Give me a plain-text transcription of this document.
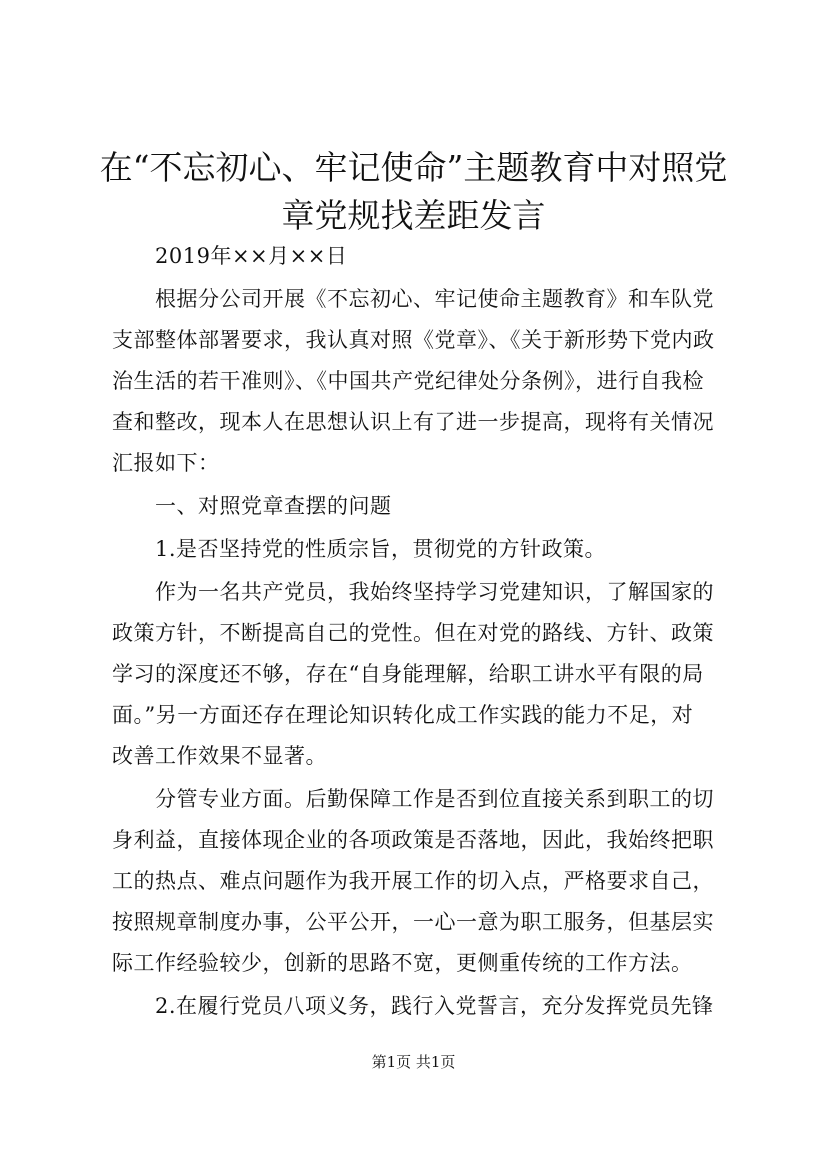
在“不忘初心、牢记使命”主题教育中对照党
章党规找差距发言

2019年××月××日

根据分公司开展《不忘初心、牢记使命主题教育》和车队党

支部整体部署要求，我认真对照《党章》、《关于新形势下党内政

治生活的若干准则》、《中国共产党纪律处分条例》，进行自我检

查和整改，现本人在思想认识上有了进一步提高，现将有关情况

汇报如下：

一、对照党章查摆的问题

1.是否坚持党的性质宗旨，贯彻党的方针政策。

作为一名共产党员，我始终坚持学习党建知识，了解国家的

政策方针，不断提高自己的党性。但在对党的路线、方针、政策

学习的深度还不够，存在“自身能理解，给职工讲水平有限的局

面。”另一方面还存在理论知识转化成工作实践的能力不足，对

改善工作效果不显著。

分管专业方面。后勤保障工作是否到位直接关系到职工的切

身利益，直接体现企业的各项政策是否落地，因此，我始终把职

工的热点、难点问题作为我开展工作的切入点，严格要求自己，

按照规章制度办事，公平公开，一心一意为职工服务，但基层实

际工作经验较少，创新的思路不宽，更侧重传统的工作方法。

2.在履行党员八项义务，践行入党誓言，充分发挥党员先锋

第1页 共1页
